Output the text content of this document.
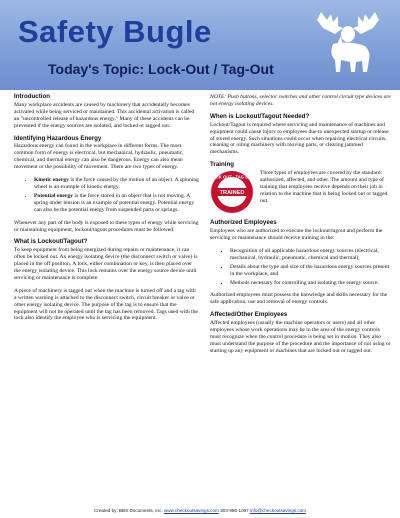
Safety Bugle
Today's Topic: Lock-Out / Tag-Out
Introduction

Many workplace accidents are caused by machinery that accidentally becomes activated while being serviced or maintained. This accidental activation is called an "uncontrolled release of hazardous energy." Many of these accidents can be prevented if the energy sources are isolated, and locked or tagged out.

Identifying Hazardous Energy

Hazardous energy can found in the workplace in different forms. The most common form of energy is electrical, but mechanical, hydraulic, pneumatic, chemical, and thermal energy can also be dangerous. Energy can also mean movement or the possibility of movement. There are two types of energy.

• Kinetic energy is the force caused by the motion of an object. A spinning wheel is an example of kinetic energy.
• Potential energy is the force stored in an object that is not moving. A spring under tension is an example of potential energy. Potential energy can also be the potential energy from suspended parts or springs.

Whenever any part of the body is exposed to these types of energy while servicing or maintaining equipment, lockout/tagout procedures must be followed.

What is Lockout/Tagout?

To keep equipment from being energized during repairs or maintenance, it can often be locked out. An energy isolating device (the disconnect switch or valve) is placed in the off position. A lock, either combination or key, is then placed over the energy isolating device. This lock remains over the energy source device until servicing or maintenance is complete.

A piece of machinery is tagged out when the machine is turned off and a tag with a written warning is attached to the disconnect switch, circuit breaker or valve or other energy isolating device. The purpose of the tag is to ensure that the equipment will not be operated until the tag has been removed. Tags used with the lock also identify the employee who is servicing the equipment.

NOTE: Push buttons, selector switches and other control circuit type devices are not energy isolating devices.

When is Lockout/Tagout Needed?

Lockout/Tagout is required where servicing and maintenance of machines and equipment could cause injury to employees due to unexpected startup or release of stored energy. Such situations could occur when repairing electrical circuits, cleaning or oiling machinery with moving parts, or clearing jammed mechanisms.

Training
LOCK OUT · TAG OUT
TRAINED

Three types of employees are covered by the standard: authorized, affected, and other. The amount and type of training that employees receive depends on their job in relation to the machine that is being locked out or tagged out.

Authorized Employees

Employees who are authorized to execute the lockout/tagout and perform the servicing or maintenance should receive training in the:

• Recognition of all applicable hazardous energy sources (electrical, mechanical, hydraulic, pneumatic, chemical and thermal),
• Details about the type and size of the hazardous energy sources present in the workplace, and
• Methods necessary for controlling and isolating the energy source.

Authorized employees must possess the knowledge and skills necessary for the safe application, use and removal of energy controls.

Affected/Other Employees

Affected employees (usually the machine operators or users) and all other employees whose work operations may be in the area of the energy controls must recognize when the control procedure is being set in motion. They also must understand the purpose of the procedure and the importance of not using or starting up any equipment or machines that are locked out or tagged out.

Created by: BBS Documents, Inc. www.checkoutsavings.com 303-986-1067 info@checkoutsavings.com
